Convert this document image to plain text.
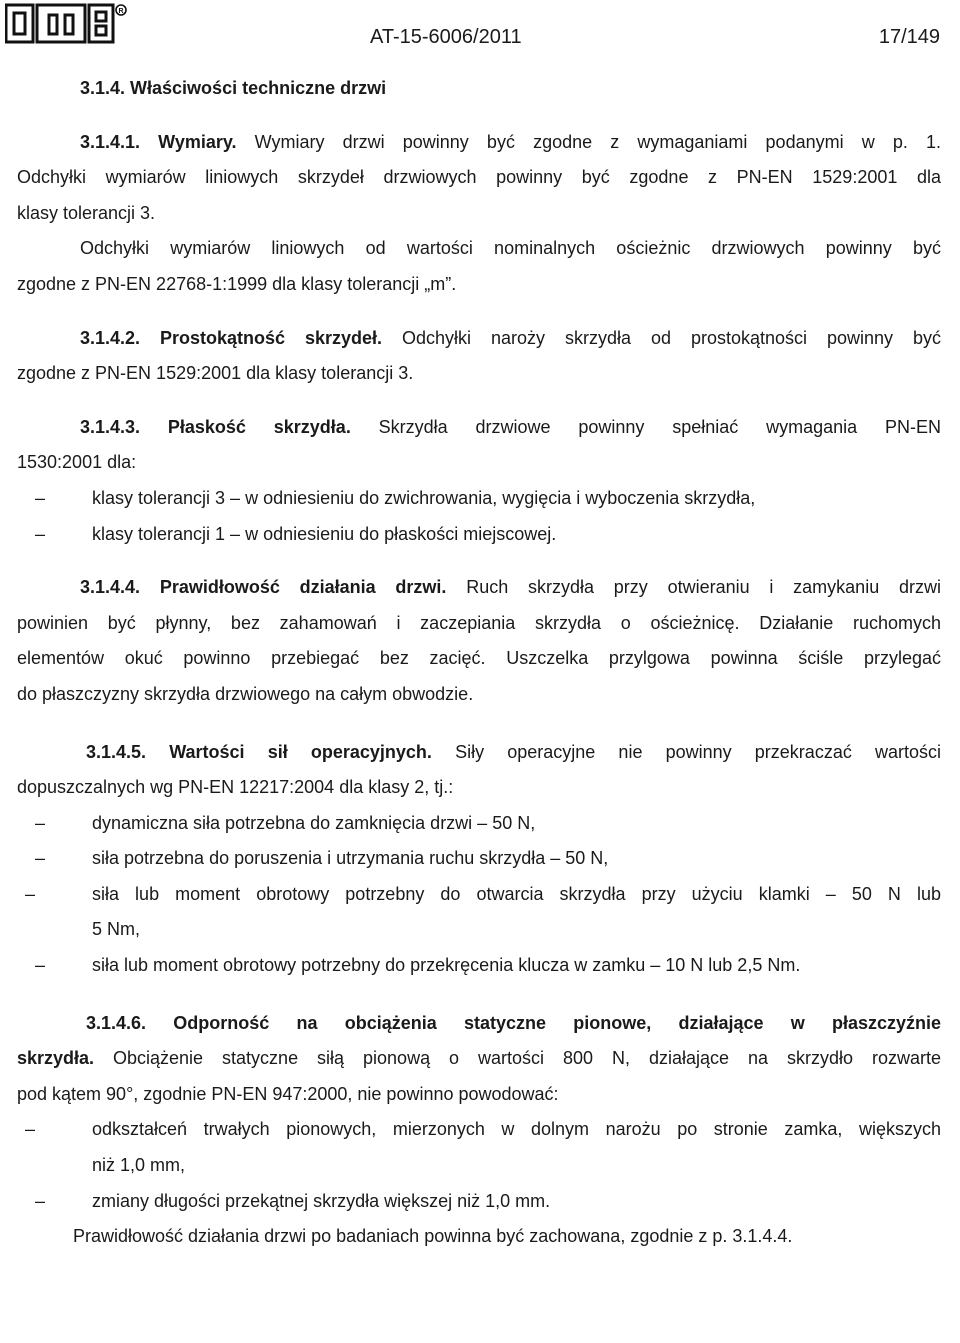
R
AT-15-6006/2011	17/149

3.1.4. Właściwości techniczne drzwi

3.1.4.1. Wymiary. Wymiary drzwi powinny być zgodne z wymaganiami podanymi w p. 1.

Odchyłki wymiarów liniowych skrzydeł drzwiowych powinny być zgodne z PN-EN 1529:2001 dla

klasy tolerancji 3.

Odchyłki wymiarów liniowych od wartości nominalnych ościeżnic drzwiowych powinny być

zgodne z PN-EN 22768-1:1999 dla klasy tolerancji „m”.

3.1.4.2. Prostokątność skrzydeł. Odchyłki naroży skrzydła od prostokątności powinny być

zgodne z PN-EN 1529:2001 dla klasy tolerancji 3.

3.1.4.3. Płaskość skrzydła. Skrzydła drzwiowe powinny spełniać wymagania PN-EN

1530:2001 dla:

–	klasy tolerancji 3 – w odniesieniu do zwichrowania, wygięcia i wyboczenia skrzydła,

–	klasy tolerancji 1 – w odniesieniu do płaskości miejscowej.

3.1.4.4. Prawidłowość działania drzwi. Ruch skrzydła przy otwieraniu i zamykaniu drzwi

powinien być płynny, bez zahamowań i zaczepiania skrzydła o ościeżnicę. Działanie ruchomych

elementów okuć powinno przebiegać bez zacięć. Uszczelka przylgowa powinna ściśle przylegać

do płaszczyzny skrzydła drzwiowego na całym obwodzie.

3.1.4.5. Wartości sił operacyjnych. Siły operacyjne nie powinny przekraczać wartości

dopuszczalnych wg PN-EN 12217:2004 dla klasy 2, tj.:

–	dynamiczna siła potrzebna do zamknięcia drzwi – 50 N,

–	siła potrzebna do poruszenia i utrzymania ruchu skrzydła – 50 N,

–	siła lub moment obrotowy potrzebny do otwarcia skrzydła przy użyciu klamki – 50 N lub

5 Nm,

–	siła lub moment obrotowy potrzebny do przekręcenia klucza w zamku – 10 N lub 2,5 Nm.

3.1.4.6. Odporność na obciążenia statyczne pionowe, działające w płaszczyźnie

skrzydła. Obciążenie statyczne siłą pionową o wartości 800 N, działające na skrzydło rozwarte

pod kątem 90°, zgodnie PN-EN 947:2000, nie powinno powodować:

–	odkształceń trwałych pionowych, mierzonych w dolnym narożu po stronie zamka, większych

niż 1,0 mm,

–	zmiany długości przekątnej skrzydła większej niż 1,0 mm.

Prawidłowość działania drzwi po badaniach powinna być zachowana, zgodnie z p. 3.1.4.4.
